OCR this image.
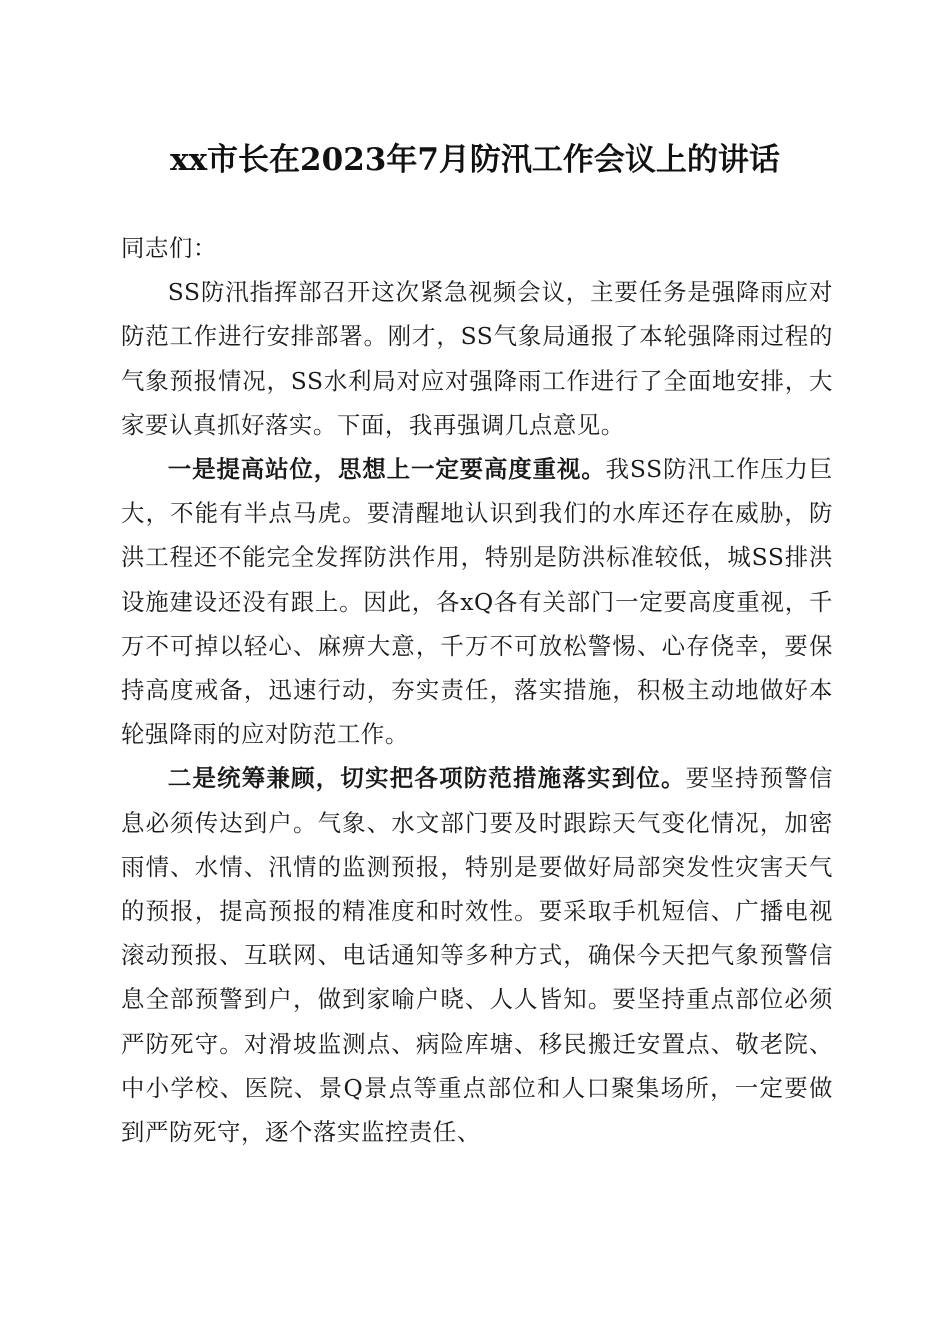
xx市长在2023年7月防汛工作会议上的讲话

同志们：

SS防汛指挥部召开这次紧急视频会议，主要任务是强降雨应对防范工作进行安排部署。刚才，SS气象局通报了本轮强降雨过程的气象预报情况，SS水利局对应对强降雨工作进行了全面地安排，大家要认真抓好落实。下面，我再强调几点意见。

一是提高站位，思想上一定要高度重视。我SS防汛工作压力巨大，不能有半点马虎。要清醒地认识到我们的水库还存在威胁，防洪工程还不能完全发挥防洪作用，特别是防洪标准较低，城SS排洪设施建设还没有跟上。因此，各xQ各有关部门一定要高度重视，千万不可掉以轻心、麻痹大意，千万不可放松警惕、心存侥幸，要保持高度戒备，迅速行动，夯实责任，落实措施，积极主动地做好本轮强降雨的应对防范工作。

二是统筹兼顾，切实把各项防范措施落实到位。要坚持预警信息必须传达到户。气象、水文部门要及时跟踪天气变化情况，加密雨情、水情、汛情的监测预报，特别是要做好局部突发性灾害天气的预报，提高预报的精准度和时效性。要采取手机短信、广播电视滚动预报、互联网、电话通知等多种方式，确保今天把气象预警信息全部预警到户，做到家喻户晓、人人皆知。要坚持重点部位必须严防死守。对滑坡监测点、病险库塘、移民搬迁安置点、敬老院、中小学校、医院、景Q景点等重点部位和人口聚集场所，一定要做到严防死守，逐个落实监控责任、
